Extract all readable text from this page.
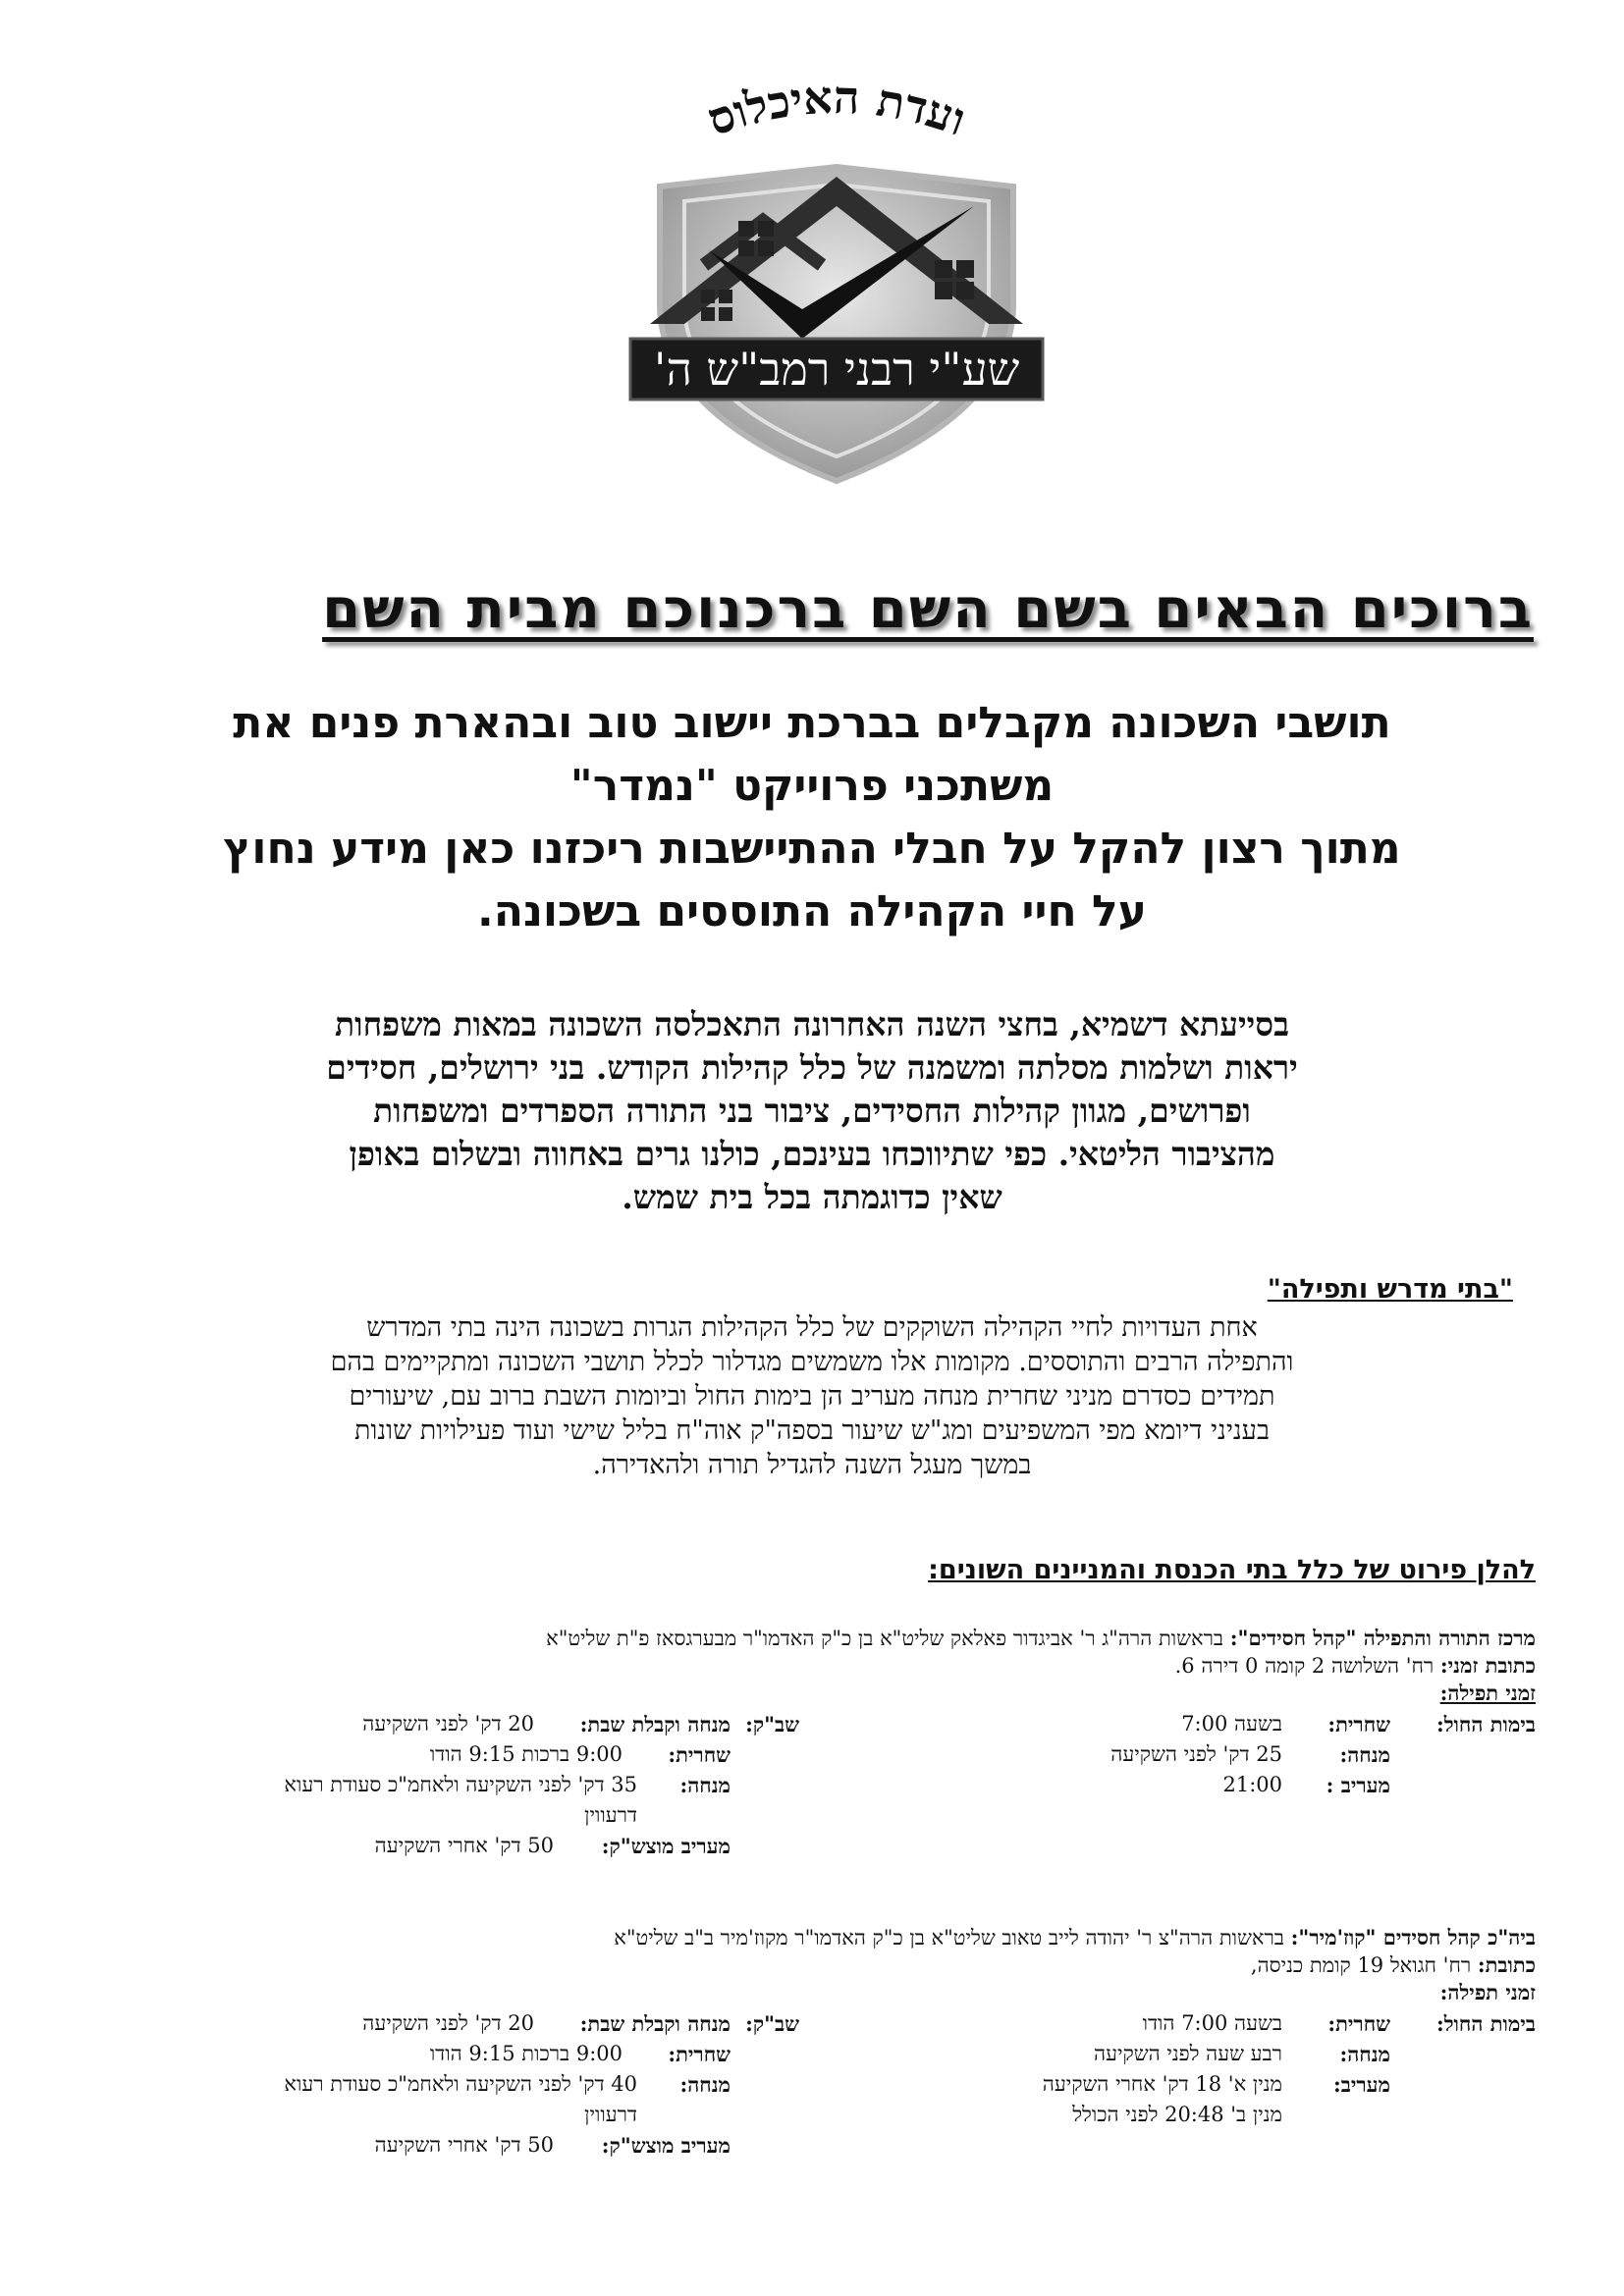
ועדת האיכלוס
שע"י רבני רמב"ש ה'
ברוכים הבאים בשם השם ברכנוכם מבית השם

תושבי השכונה מקבלים בברכת יישוב טוב ובהארת פנים את

משתכני פרוייקט "נמדר"

מתוך רצון להקל על חבלי ההתיישבות ריכזנו כאן מידע נחוץ

על חיי הקהילה התוססים בשכונה.

בסייעתא דשמיא, בחצי השנה האחרונה התאכלסה השכונה במאות משפחות
יראות ושלמות מסלתה ומשמנה של כלל קהילות הקודש. בני ירושלים, חסידים
ופרושים, מגוון קהילות החסידים, ציבור בני התורה הספרדים ומשפחות
מהציבור הליטאי. כפי שתיווכחו בעינכם, כולנו גרים באחווה ובשלום באופן
שאין כדוגמתה בכל בית שמש.
"בתי מדרש ותפילה"
אחת העדויות לחיי הקהילה השוקקים של כלל הקהילות הגרות בשכונה הינה בתי המדרש
והתפילה הרבים והתוססים. מקומות אלו משמשים מגדלור לכלל תושבי השכונה ומתקיימים בהם
תמידים כסדרם מניני שחרית מנחה מעריב הן בימות החול וביומות השבת ברוב עם, שיעורים
בעניני דיומא מפי המשפיעים ומג"ש שיעור בספה"ק אוה"ח בליל שישי ועוד פעילויות שונות
במשך מעגל השנה להגדיל תורה ולהאדירה.
להלן פירוט של כלל בתי הכנסת והמניינים השונים:
מרכז התורה והתפילה "קהל חסידים": בראשות הרה"ג ר' אביגדור פאלאק שליט"א בן כ"ק האדמו"ר מבערגסאז פ"ת שליט"א
כתובת זמני: רח' השלושה 2 קומה 0 דירה 6.
זמני תפילה:
בימות החול:
שחרית:
בשעה 7:00
מנחה:
25 דק' לפני השקיעה
מעריב :
21:00
שב"ק:
מנחה וקבלת שבת:
20 דק' לפני השקיעה
שחרית:
9:00 ברכות 9:15 הודו
מנחה:
35 דק' לפני השקיעה ולאחמ"כ סעודת רעוא דרעווין
מעריב מוצש"ק:
50 דק' אחרי השקיעה
ביה"כ קהל חסידים "קוז'מיר": בראשות הרה"צ ר' יהודה לייב טאוב שליט"א בן כ"ק האדמו"ר מקוז'מיר ב"ב שליט"א
כתובת: רח' חגואל 19 קומת כניסה,
זמני תפילה:
בימות החול:
שחרית:
בשעה 7:00 הודו
מנחה:
רבע שעה לפני השקיעה
מעריב:
מנין א' 18 דק' אחרי השקיעה
מנין ב' 20:48 לפני הכולל
שב"ק:
מנחה וקבלת שבת:
20 דק' לפני השקיעה
שחרית:
9:00 ברכות 9:15 הודו
מנחה:
40 דק' לפני השקיעה ולאחמ"כ סעודת רעוא דרעווין
מעריב מוצש"ק:
50 דק' אחרי השקיעה
